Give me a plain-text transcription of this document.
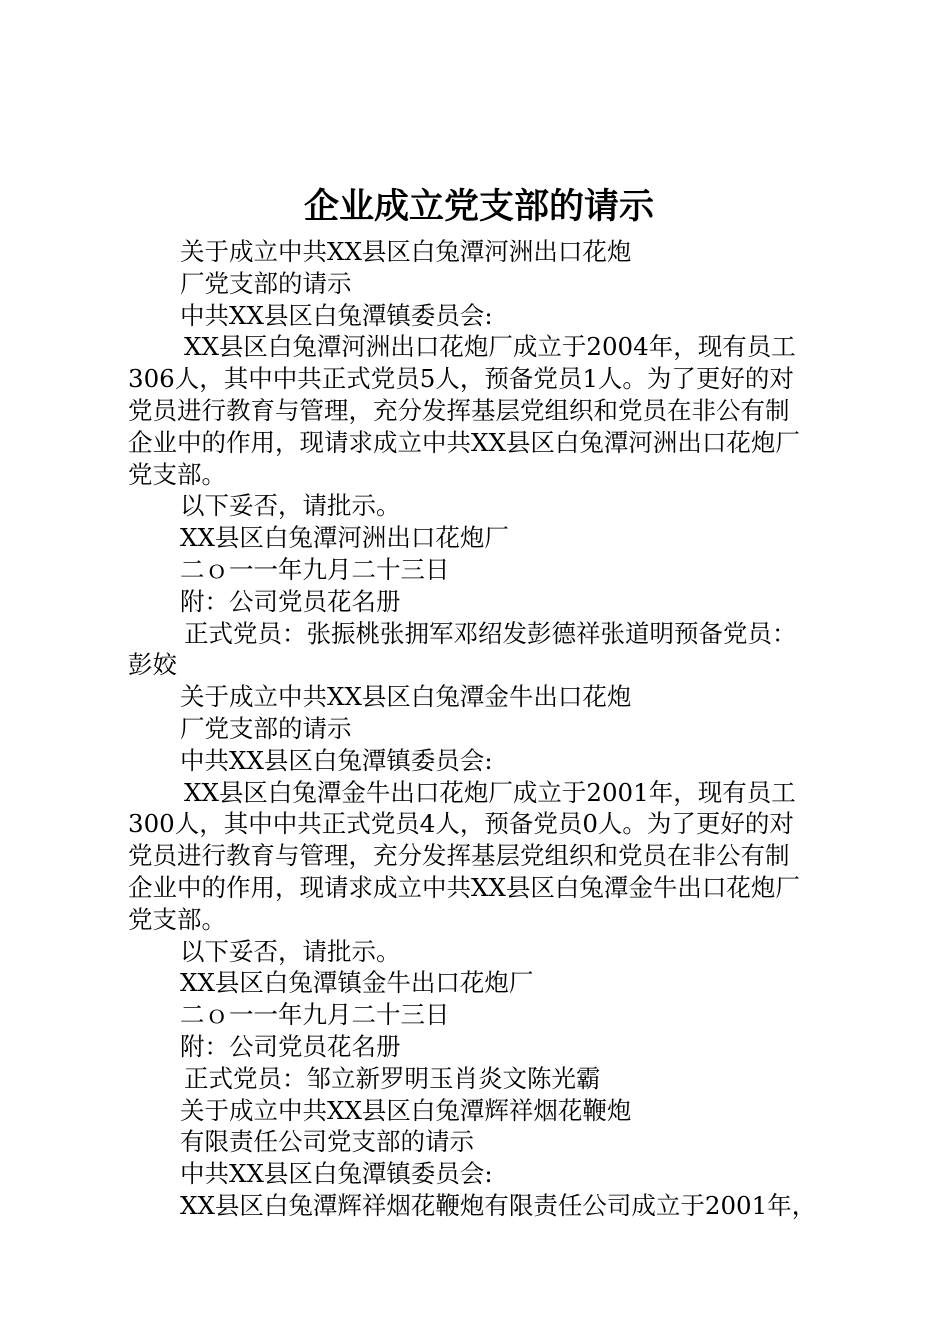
企业成立党支部的请示
关于成立中共XX县区白兔潭河洲出口花炮
厂党支部的请示
中共XX县区白兔潭镇委员会:
XX县区白兔潭河洲出口花炮厂成立于2004年，现有员工
306人，其中中共正式党员5人，预备党员1人。为了更好的对
党员进行教育与管理，充分发挥基层党组织和党员在非公有制
企业中的作用，现请求成立中共XX县区白兔潭河洲出口花炮厂
党支部。
以下妥否，请批示。
XX县区白兔潭河洲出口花炮厂
二ｏ一一年九月二十三日
附：公司党员花名册
正式党员：张振桃张拥军邓绍发彭德祥张道明预备党员：
彭姣
关于成立中共XX县区白兔潭金牛出口花炮
厂党支部的请示
中共XX县区白兔潭镇委员会:
XX县区白兔潭金牛出口花炮厂成立于2001年，现有员工
300人，其中中共正式党员4人，预备党员0人。为了更好的对
党员进行教育与管理，充分发挥基层党组织和党员在非公有制
企业中的作用，现请求成立中共XX县区白兔潭金牛出口花炮厂
党支部。
以下妥否，请批示。
XX县区白兔潭镇金牛出口花炮厂
二ｏ一一年九月二十三日
附：公司党员花名册
正式党员：邹立新罗明玉肖炎文陈光霸
关于成立中共XX县区白兔潭辉祥烟花鞭炮
有限责任公司党支部的请示
中共XX县区白兔潭镇委员会:
XX县区白兔潭辉祥烟花鞭炮有限责任公司成立于2001年，
